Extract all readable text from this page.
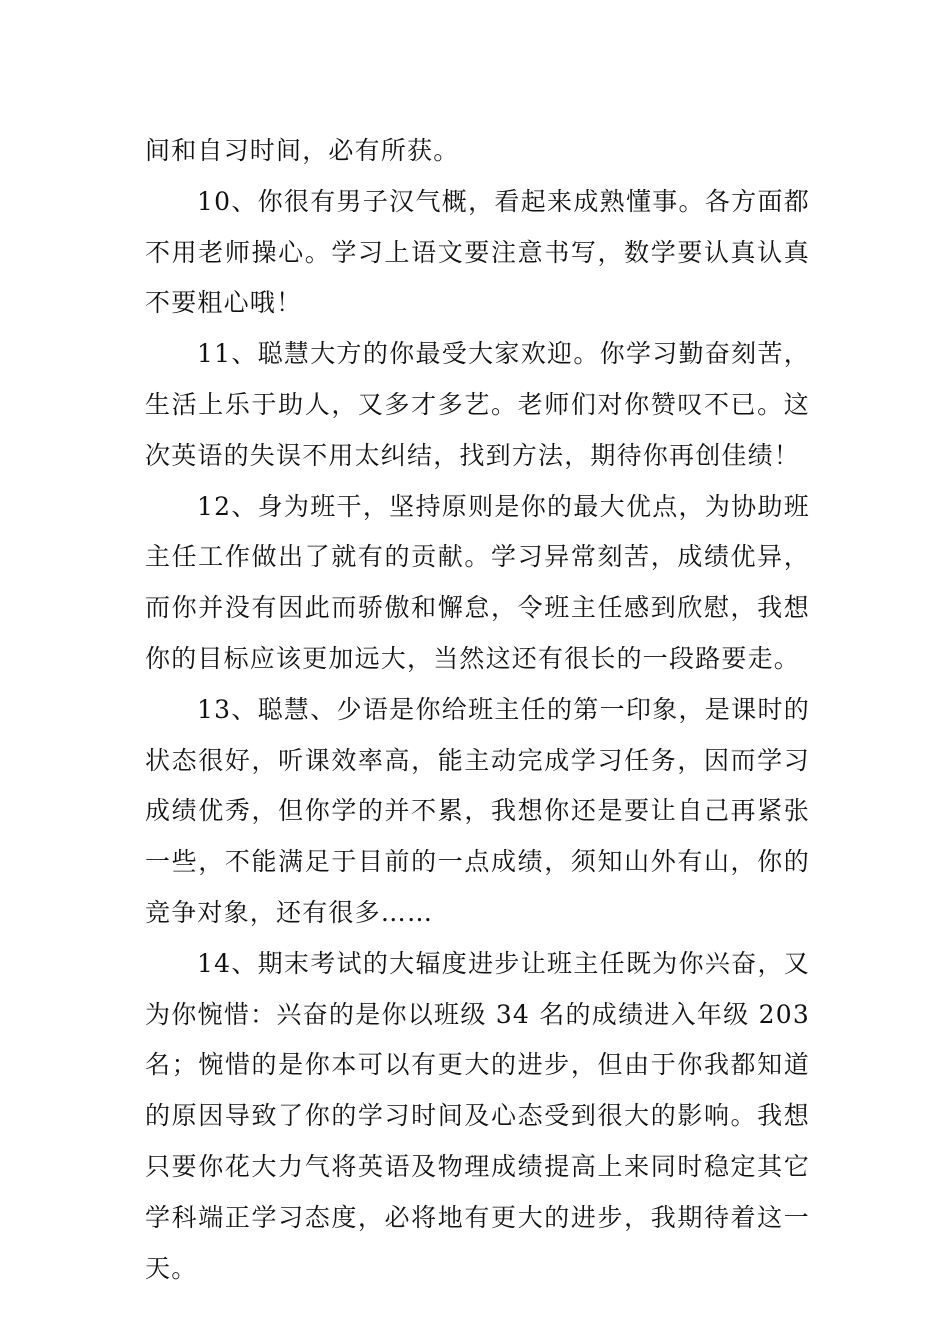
间和自习时间，必有所获。

10、你很有男子汉气概，看起来成熟懂事。各方面都不用老师操心。学习上语文要注意书写，数学要认真认真不要粗心哦！

11、聪慧大方的你最受大家欢迎。你学习勤奋刻苦，生活上乐于助人，又多才多艺。老师们对你赞叹不已。这次英语的失误不用太纠结，找到方法，期待你再创佳绩！

12、身为班干，坚持原则是你的最大优点，为协助班主任工作做出了就有的贡献。学习异常刻苦，成绩优异，而你并没有因此而骄傲和懈怠，令班主任感到欣慰，我想你的目标应该更加远大，当然这还有很长的一段路要走。

13、聪慧、少语是你给班主任的第一印象，是课时的状态很好，听课效率高，能主动完成学习任务，因而学习成绩优秀，但你学的并不累，我想你还是要让自己再紧张一些，不能满足于目前的一点成绩，须知山外有山，你的竞争对象，还有很多……

14、期末考试的大辐度进步让班主任既为你兴奋，又为你惋惜：兴奋的是你以班级 34 名的成绩进入年级 203 名；惋惜的是你本可以有更大的进步，但由于你我都知道的原因导致了你的学习时间及心态受到很大的影响。我想只要你花大力气将英语及物理成绩提高上来同时稳定其它学科端正学习态度，必将地有更大的进步，我期待着这一天。
